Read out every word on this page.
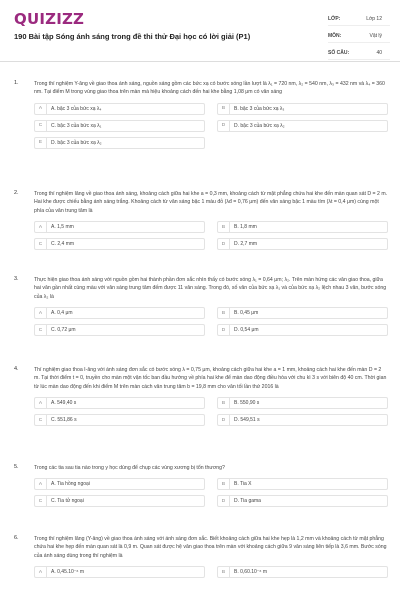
QUIZIZZ
190 Bài tập Sóng ánh sáng trong đề thi thử Đại học có lời giải (P1)
LỚP:	Lớp 12
MÔN:	Vật lý
SỐ CÂU:	40
1.	Trong thí nghiệm Y-âng về giao thoa ánh sáng, nguồn sáng gồm các bức xạ có bước sóng lần lượt là λ₁ = 720 nm, λ₂ = 540 nm, λ₃ = 432 nm và λ₄ = 360 nm. Tại điểm M trong vùng giao thoa trên màn mà hiệu khoảng cách đến hai khe bằng 1,08 μm có vân sáng
A	A. bậc 3 của bức xạ λ₄	B	B. bậc 3 của bức xạ λ₃
C	C. bậc 3 của bức xạ λ₁	D	D. bậc 3 của bức xạ λ₂
E	D. bậc 3 của bức xạ λ₂
2.	Trong thí nghiệm Iâng về giao thoa ánh sáng, khoảng cách giữa hai khe a = 0,3 mm, khoảng cách từ mặt phẳng chứa hai khe đến màn quan sát D = 2 m. Hai khe được chiếu bằng ánh sáng trắng. Khoảng cách từ vân sáng bậc 1 màu đỏ (λđ = 0,76 μm) đến vân sáng bậc 1 màu tím (λt = 0,4 μm) cùng một phía của vân trung tâm là
A	A. 1,5 mm	B	B. 1,8 mm
C	C. 2,4 mm	D	D. 2,7 mm
3.	Thực hiện giao thoa ánh sáng với nguồn gồm hai thành phần đơn sắc nhìn thấy có bước sóng λ₁ = 0,64 μm; λ₂. Trên màn hứng các vân giao thoa, giữa hai vân gần nhất cùng màu với vân sáng trung tâm đếm được 11 vân sáng. Trong đó, số vân của bức xạ λ₁ và của bức xạ λ₂ lệch nhau 3 vân, bước sóng của λ₂ là
A	A. 0,4 μm	B	B. 0,45 μm
C	C. 0,72 μm	D	D. 0,54 μm
4.	Thí nghiệm giao thoa I-âng với ánh sáng đơn sắc có bước sóng λ = 0,75 μm, khoảng cách giữa hai khe a = 1 mm, khoảng cách hai khe đến màn D = 2 m. Tại thời điểm t = 0, truyền cho màn một vận tốc ban đầu hướng về phía hai khe để màn dao động điều hòa với chu kì 3 s với biên độ 40 cm. Thời gian từ lúc màn dao động đến khi điểm M trên màn cách vân trung tâm b = 19,8 mm cho vân tối lần thứ 2016 là
A	A. 549,40 s	B	B. 550,90 s
C	C. 551,86 s	D	D. 549,51 s
5.	Trong các tia sau tia nào trong y học dùng để chụp các vùng xương bị tổn thương?
A	A. Tia hồng ngoại	B	B. Tia X
C	C. Tia tử ngoại	D	D. Tia gama
6.	Trong thí nghiệm Iâng (Y-âng) về giao thoa ánh sáng với ánh sáng đơn sắc. Biết khoảng cách giữa hai khe hẹp là 1,2 mm và khoảng cách từ mặt phẳng chứa hai khe hẹp đến màn quan sát là 0,9 m. Quan sát được hệ vân giao thoa trên màn với khoảng cách giữa 9 vân sáng liên tiếp là 3,6 mm. Bước sóng của ánh sáng dùng trong thí nghiệm là
A	A. 0,45.10⁻⁶ m	B	B. 0,60.10⁻⁶ m
